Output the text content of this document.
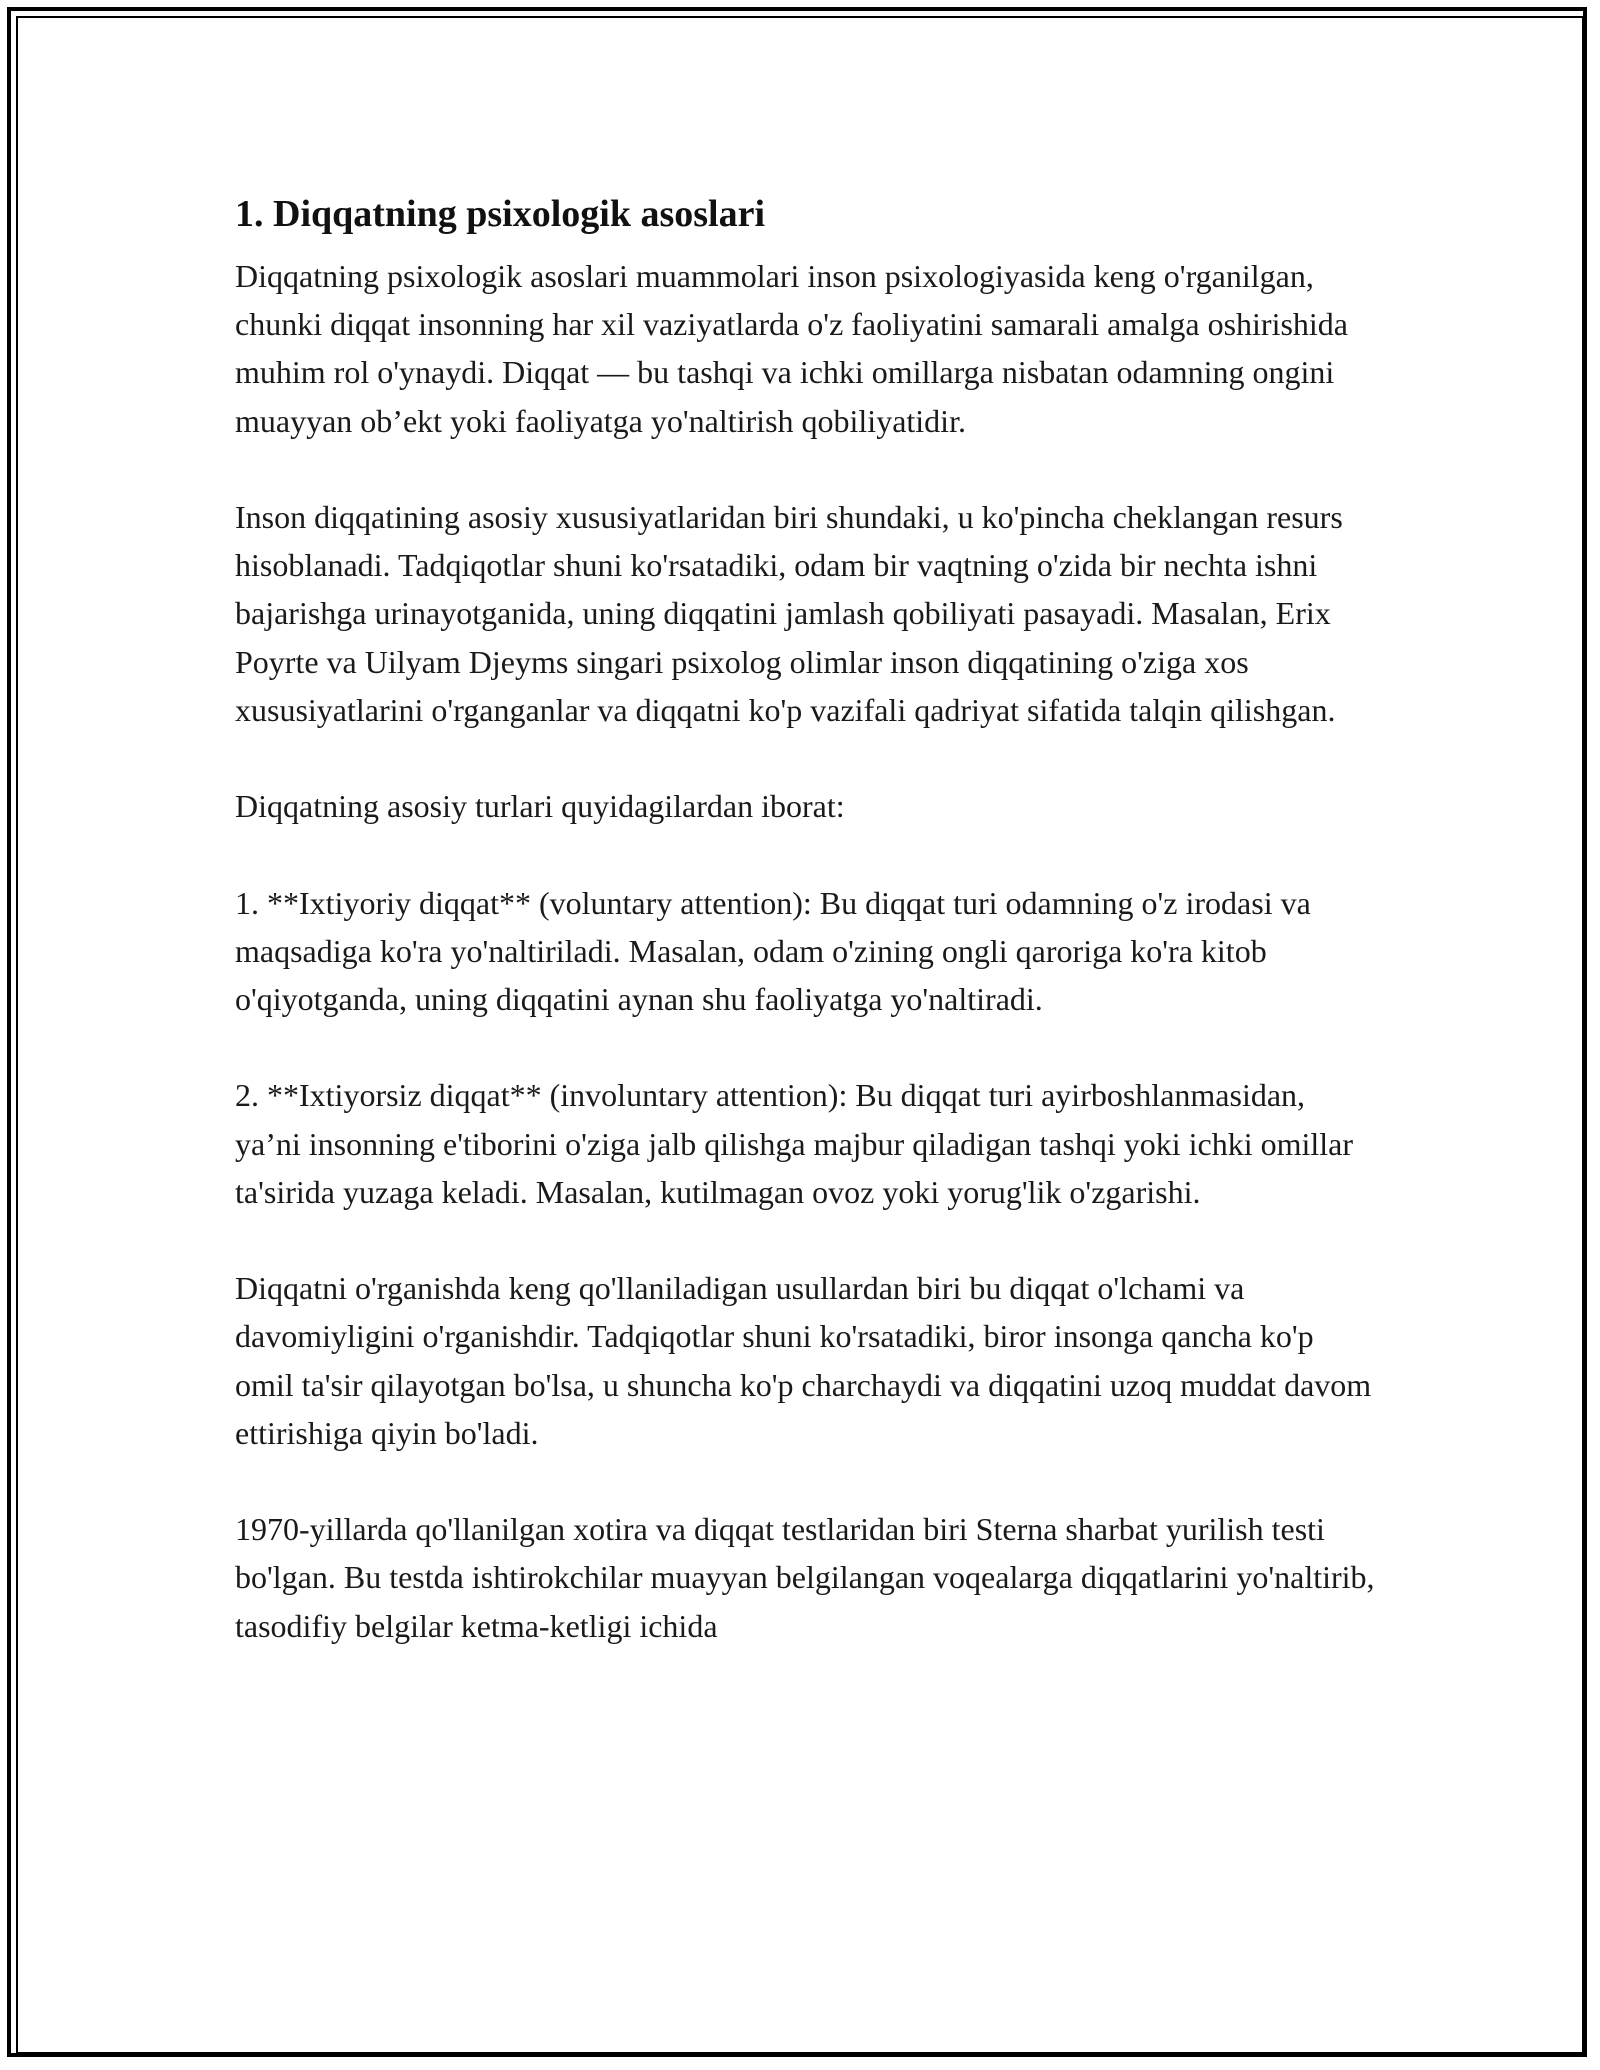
1. Diqqatning psixologik asoslari

Diqqatning psixologik asoslari muammolari inson psixologiyasida keng o'rganilgan, chunki diqqat insonning har xil vaziyatlarda o'z faoliyatini samarali amalga oshirishida muhim rol o'ynaydi. Diqqat — bu tashqi va ichki omillarga nisbatan odamning ongini muayyan ob’ekt yoki faoliyatga yo'naltirish qobiliyatidir.

Inson diqqatining asosiy xususiyatlaridan biri shundaki, u ko'pincha cheklangan resurs hisoblanadi. Tadqiqotlar shuni ko'rsatadiki, odam bir vaqtning o'zida bir nechta ishni bajarishga urinayotganida, uning diqqatini jamlash qobiliyati pasayadi. Masalan, Erix Poyrte va Uilyam Djeyms singari psixolog olimlar inson diqqatining o'ziga xos xususiyatlarini o'rganganlar va diqqatni ko'p vazifali qadriyat sifatida talqin qilishgan.

Diqqatning asosiy turlari quyidagilardan iborat:

1. **Ixtiyoriy diqqat** (voluntary attention): Bu diqqat turi odamning o'z irodasi va maqsadiga ko'ra yo'naltiriladi. Masalan, odam o'zining ongli qaroriga ko'ra kitob o'qiyotganda, uning diqqatini aynan shu faoliyatga yo'naltiradi.

2. **Ixtiyorsiz diqqat** (involuntary attention): Bu diqqat turi ayirboshlanmasidan, ya’ni insonning e'tiborini o'ziga jalb qilishga majbur qiladigan tashqi yoki ichki omillar ta'sirida yuzaga keladi. Masalan, kutilmagan ovoz yoki yorug'lik o'zgarishi.

Diqqatni o'rganishda keng qo'llaniladigan usullardan biri bu diqqat o'lchami va davomiyligini o'rganishdir. Tadqiqotlar shuni ko'rsatadiki, biror insonga qancha ko'p omil ta'sir qilayotgan bo'lsa, u shuncha ko'p charchaydi va diqqatini uzoq muddat davom ettirishiga qiyin bo'ladi.

1970-yillarda qo'llanilgan xotira va diqqat testlaridan biri Sterna sharbat yurilish testi bo'lgan. Bu testda ishtirokchilar muayyan belgilangan voqealarga diqqatlarini yo'naltirib, tasodifiy belgilar ketma-ketligi ichida
